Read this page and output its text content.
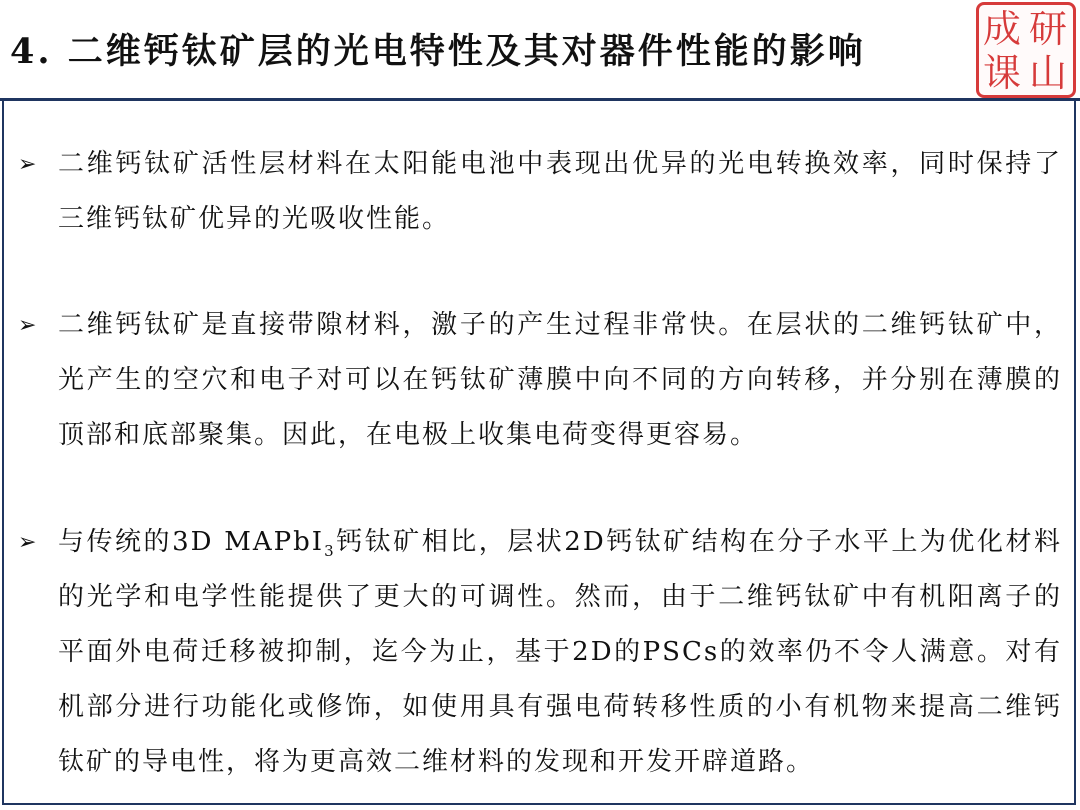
4. 二维钙钛矿层的光电特性及其对器件性能的影响
成 研
课 山
➢ 二维钙钛矿活性层材料在太阳能电池中表现出优异的光电转换效率，同时保持了三维钙钛矿优异的光吸收性能。
➢ 二维钙钛矿是直接带隙材料，激子的产生过程非常快。在层状的二维钙钛矿中，光产生的空穴和电子对可以在钙钛矿薄膜中向不同的方向转移，并分别在薄膜的顶部和底部聚集。因此，在电极上收集电荷变得更容易。
➢ 与传统的3D MAPbI$_3$钙钛矿相比，层状2D钙钛矿结构在分子水平上为优化材料的光学和电学性能提供了更大的可调性。然而，由于二维钙钛矿中有机阳离子的平面外电荷迁移被抑制，迄今为止，基于2D的PSCs的效率仍不令人满意。对有机部分进行功能化或修饰，如使用具有强电荷转移性质的小有机物来提高二维钙钛矿的导电性，将为更高效二维材料的发现和开发开辟道路。
